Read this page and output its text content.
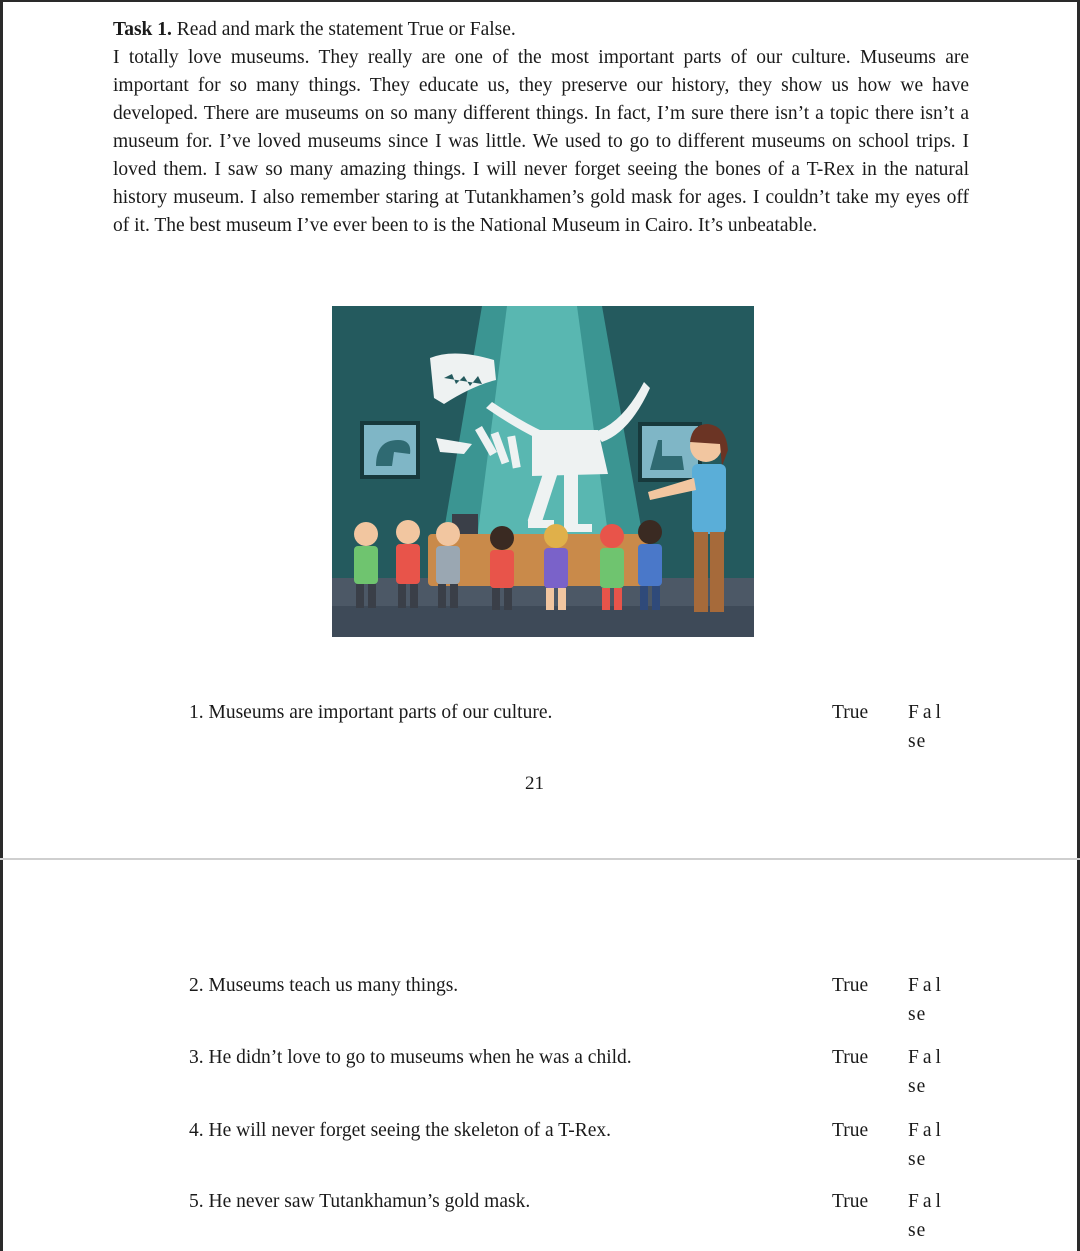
Task 1. Read and mark the statement True or False.

I totally love museums. They really are one of the most important parts of our culture. Museums are important for so many things. They educate us, they preserve our history, they show us how we have developed. There are museums on so many different things. In fact, I’m sure there isn’t a topic there isn’t a museum for. I’ve loved museums since I was little. We used to go to different museums on school trips. I loved them. I saw so many amazing things. I will never forget seeing the bones of a T-Rex in the natural history museum. I also remember staring at Tutankhamen’s gold mask for ages. I couldn’t take my eyes off of it. The best museum I’ve ever been to is the National Museum in Cairo. It’s unbeatable.

1. Museums are important parts of our culture.	True Fal
se
21
2. Museums teach us many things.	True Fal
se
3. He didn’t love to go to museums when he was a child.	True Fal
se
4. He will never forget seeing the skeleton of a T-Rex.	True Fal
se
5. He never saw Tutankhamun’s gold mask.	True Fal
se
